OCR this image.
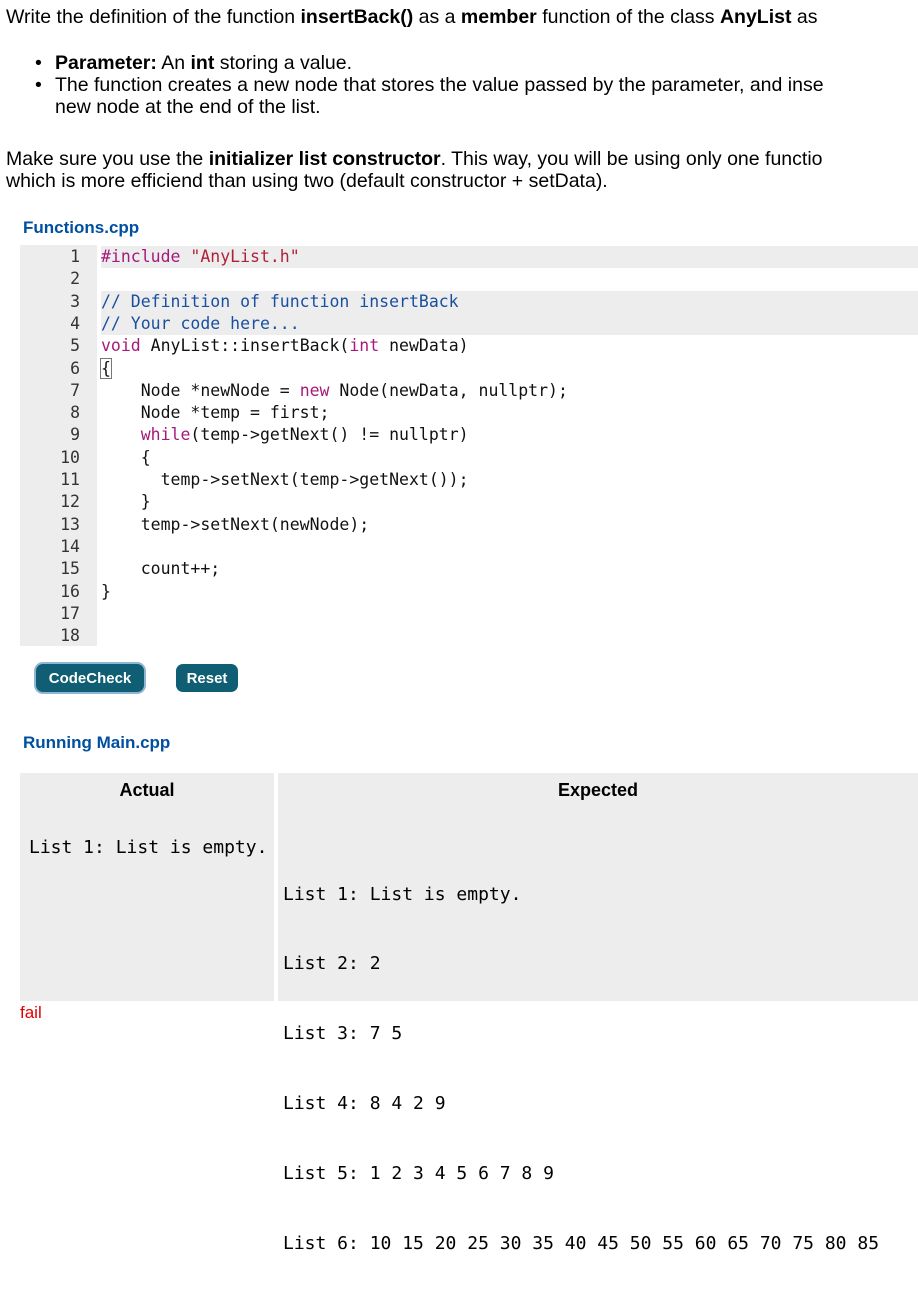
Write the definition of the function insertBack() as a member function of the class AnyList as
• Parameter: An int storing a value.
• The function creates a new node that stores the value passed by the parameter, and inse
new node at the end of the list.
Make sure you use the initializer list constructor. This way, you will be using only one functio
which is more efficiend than using two (default constructor + setData).
Functions.cpp
1 #include "AnyList.h"
2
3 // Definition of function insertBack
4 // Your code here...
5 void AnyList::insertBack(int newData)
6 {
7 Node *newNode = new Node(newData, nullptr);
8 Node *temp = first;
9	while(temp->getNext() != nullptr)
10 {
11 temp->setNext(temp->getNext());
12 }
13 temp->setNext(newNode);
14
15 count++;
16 }
17
18
CodeCheck	Reset
Running Main.cpp
Actual
List 1: List is empty.
Expected

List 1: List is empty.

List 2: 2

List 3: 7 5

List 4: 8 4 2 9

List 5: 1 2 3 4 5 6 7 8 9

List 6: 10 15 20 25 30 35 40 45 50 55 60 65 70 75 80 85

fail
